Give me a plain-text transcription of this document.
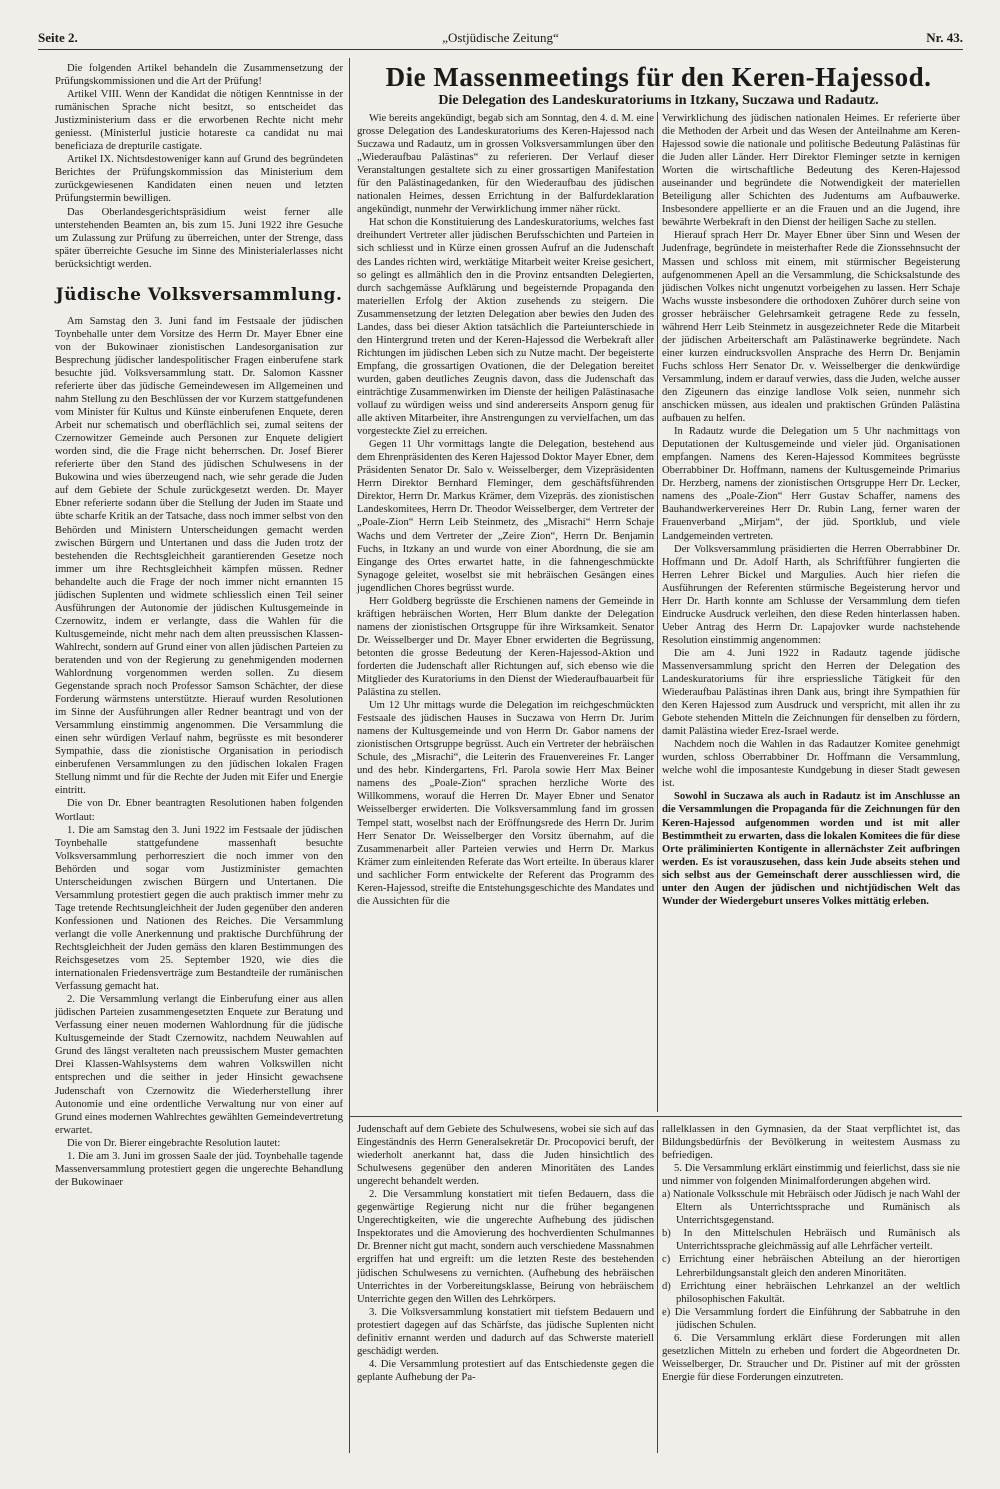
Seite 2.	„Ostjüdische Zeitung“	Nr. 43.

Die folgenden Artikel behandeln die Zusammensetzung der Prüfungskommissionen und die Art der Prüfung!

Artikel VIII. Wenn der Kandidat die nötigen Kenntnisse in der rumänischen Sprache nicht besitzt, so entscheidet das Justizministerium dass er die erworbenen Rechte nicht mehr geniesst. (Ministerlul justicie hotareste ca candidat nu mai beneficiaza de drepturile castigate.

Artikel IX. Nichtsdestoweniger kann auf Grund des begründeten Berichtes der Prüfungskommission das Ministerium dem zurückgewiesenen Kandidaten einen neuen und letzten Prüfungstermin bewilligen.

Das Oberlandesgerichtspräsidium weist ferner alle unterstehenden Beamten an, bis zum 15. Juni 1922 ihre Gesuche um Zulassung zur Prüfung zu überreichen, unter der Strenge, dass später überreichte Gesuche im Sinne des Ministerialerlasses nicht berücksichtigt werden.

Jüdische Volksversammlung.

Am Samstag den 3. Juni fand im Festsaale der jüdischen Toynbehalle unter dem Vorsitze des Herrn Dr. Mayer Ebner eine von der Bukowinaer zionistischen Landesorganisation zur Besprechung jüdischer landespolitischer Fragen einberufene stark besuchte jüd. Volksversammlung statt. Dr. Salomon Kassner referierte über das jüdische Gemeindewesen im Allgemeinen und nahm Stellung zu den Beschlüssen der vor Kurzem stattgefundenen vom Minister für Kultus und Künste einberufenen Enquete, deren Arbeit nur schematisch und oberflächlich sei, zumal seitens der Czernowitzer Gemeinde auch Personen zur Enquete deligiert worden sind, die die Frage nicht beherrschen. Dr. Josef Bierer referierte über den Stand des jüdischen Schulwesens in der Bukowina und wies überzeugend nach, wie sehr gerade die Juden auf dem Gebiete der Schule zurückgesetzt werden. Dr. Mayer Ebner referierte sodann über die Stellung der Juden im Staate und übte scharfe Kritik an der Tatsache, dass noch immer selbst von den Behörden und Ministern Unterscheidungen gemacht werden zwischen Bürgern und Untertanen und dass die Juden trotz der bestehenden die Rechtsgleichheit garantierenden Gesetze noch immer um ihre Rechtsgleichheit kämpfen müssen. Redner behandelte auch die Frage der noch immer nicht ernannten 15 jüdischen Suplenten und widmete schliesslich einen Teil seiner Ausführungen der Autonomie der jüdischen Kultusgemeinde in Czernowitz, indem er verlangte, dass die Wahlen für die Kultusgemeinde, nicht mehr nach dem alten preussischen Klassen-Wahlrecht, sondern auf Grund einer von allen jüdischen Parteien zu beratenden und von der Regierung zu genehmigenden modernen Wahlordnung vorgenommen werden sollen. Zu diesem Gegenstande sprach noch Professor Samson Schächter, der diese Forderung wärmstens unterstützte. Hierauf wurden Resolutionen im Sinne der Ausführungen aller Redner beantragt und von der Versammlung einstimmig angenommen. Die Versammlung die einen sehr würdigen Verlauf nahm, begrüsste es mit besonderer Sympathie, dass die zionistische Organisation in periodisch einberufenen Versammlungen zu den jüdischen lokalen Fragen Stellung nimmt und für die Rechte der Juden mit Eifer und Energie eintritt.

Die von Dr. Ebner beantragten Resolutionen haben folgenden Wortlaut:

1. Die am Samstag den 3. Juni 1922 im Festsaale der jüdischen Toynbehalle stattgefundene massenhaft besuchte Volksversammlung perhorresziert die noch immer von den Behörden und sogar vom Justizminister gemachten Unterscheidungen zwischen Bürgern und Untertanen. Die Versammlung protestiert gegen die auch praktisch immer mehr zu Tage tretende Rechtsungleichheit der Juden gegenüber den anderen Konfessionen und Nationen des Reiches. Die Versammlung verlangt die volle Anerkennung und praktische Durchführung der Rechtsgleichheit der Juden gemäss den klaren Bestimmungen des Reichsgesetzes vom 25. September 1920, wie dies die internationalen Friedensverträge zum Bestandteile der rumänischen Verfassung gemacht hat.

2. Die Versammlung verlangt die Einberufung einer aus allen jüdischen Parteien zusammengesetzten Enquete zur Beratung und Verfassung einer neuen modernen Wahlordnung für die jüdische Kultusgemeinde der Stadt Czernowitz, nachdem Neuwahlen auf Grund des längst veralteten nach preussischem Muster gemachten Drei Klassen-Wahlsystems dem wahren Volkswillen nicht entsprechen und die seither in jeder Hinsicht gewachsene Judenschaft von Czernowitz die Wiederherstellung ihrer Autonomie und eine ordentliche Verwaltung nur von einer auf Grund eines modernen Wahlrechtes gewählten Gemeindevertretung erwartet.

Die von Dr. Bierer eingebrachte Resolution lautet:

1. Die am 3. Juni im grossen Saale der jüd. Toynbehalle tagende Massenversammlung protestiert gegen die ungerechte Behandlung der Bukowinaer

Die Massenmeetings für den Keren-Hajessod.
Die Delegation des Landeskuratoriums in Itzkany, Suczawa und Radautz.

Wie bereits angekündigt, begab sich am Sonntag, den 4. d. M. eine grosse Delegation des Landeskuratoriums des Keren-Hajessod nach Suczawa und Radautz, um in grossen Volksversammlungen über den „Wiederaufbau Palästinas“ zu referieren. Der Verlauf dieser Veranstaltungen gestaltete sich zu einer grossartigen Manifestation für den Palästinagedanken, für den Wiederaufbau des jüdischen nationalen Heimes, dessen Errichtung in der Balfurdeklaration angekündigt, nunmehr der Verwirklichung immer näher rückt.

Hat schon die Konstituierung des Landeskuratoriums, welches fast dreihundert Vertreter aller jüdischen Berufsschichten und Parteien in sich schliesst und in Kürze einen grossen Aufruf an die Judenschaft des Landes richten wird, werktätige Mitarbeit weiter Kreise gesichert, so gelingt es allmählich den in die Provinz entsandten Delegierten, durch sachgemässe Aufklärung und begeisternde Propaganda den materiellen Erfolg der Aktion zusehends zu steigern. Die Zusammensetzung der letzten Delegation aber bewies den Juden des Landes, dass bei dieser Aktion tatsächlich die Parteiunterschiede in den Hintergrund treten und der Keren-Hajessod die Werbekraft aller Richtungen im jüdischen Leben sich zu Nutze macht. Der begeisterte Empfang, die grossartigen Ovationen, die der Delegation bereitet wurden, gaben deutliches Zeugnis davon, dass die Judenschaft das einträchtige Zusammenwirken im Dienste der heiligen Palästinasache vollauf zu würdigen weiss und sind andererseits Ansporn genug für alle aktiven Mitarbeiter, ihre Anstrengungen zu vervielfachen, um das vorgesteckte Ziel zu erreichen.

Gegen 11 Uhr vormittags langte die Delegation, bestehend aus dem Ehrenpräsidenten des Keren Hajessod Doktor Mayer Ebner, dem Präsidenten Senator Dr. Salo v. Weisselberger, dem Vizepräsidenten Herrn Direktor Bernhard Fleminger, dem geschäftsführenden Direktor, Herrn Dr. Markus Krämer, dem Vizepräs. des zionistischen Landeskomitees, Herrn Dr. Theodor Weisselberger, dem Vertreter der „Poale-Zion“ Herrn Leib Steinmetz, des „Misrachi“ Herrn Schaje Wachs und dem Vertreter der „Zeire Zion“, Herrn Dr. Benjamin Fuchs, in Itzkany an und wurde von einer Abordnung, die sie am Eingange des Ortes erwartet hatte, in die fahnengeschmückte Synagoge geleitet, woselbst sie mit hebräischen Gesängen eines jugendlichen Chores begrüsst wurde.

Herr Goldberg begrüsste die Erschienen namens der Gemeinde in kräftigen hebräischen Worten, Herr Blum dankte der Delegation namens der zionistischen Ortsgruppe für ihre Wirksamkeit. Senator Dr. Weisselberger und Dr. Mayer Ebner erwiderten die Begrüssung, betonten die grosse Bedeutung der Keren-Hajessod-Aktion und forderten die Judenschaft aller Richtungen auf, sich ebenso wie die Mitglieder des Kuratoriums in den Dienst der Wiederaufbauarbeit für Palästina zu stellen.

Um 12 Uhr mittags wurde die Delegation im reichgeschmückten Festsaale des jüdischen Hauses in Suczawa von Herrn Dr. Jurim namens der Kultusgemeinde und von Herrn Dr. Gabor namens der zionistischen Ortsgruppe begrüsst. Auch ein Vertreter der hebräischen Schule, des „Misrachi“, die Leiterin des Frauenvereines Fr. Langer und des hebr. Kindergartens, Frl. Parola sowie Herr Max Beiner namens des „Poale-Zion“ sprachen herzliche Worte des Willkommens, worauf die Herren Dr. Mayer Ebner und Senator Weisselberger erwiderten. Die Volksversammlung fand im grossen Tempel statt, woselbst nach der Eröffnungsrede des Herrn Dr. Jurim Herr Senator Dr. Weisselberger den Vorsitz übernahm, auf die Zusammenarbeit aller Parteien verwies und Herrn Dr. Markus Krämer zum einleitenden Referate das Wort erteilte. In überaus klarer und sachlicher Form entwickelte der Referent das Programm des Keren-Hajessod, streifte die Entstehungsgeschichte des Mandates und die Aussichten für die

Verwirklichung des jüdischen nationalen Heimes. Er referierte über die Methoden der Arbeit und das Wesen der Anteilnahme am Keren-Hajessod sowie die nationale und politische Bedeutung Palästinas für die Juden aller Länder. Herr Direktor Fleminger setzte in kernigen Worten die wirtschaftliche Bedeutung des Keren-Hajessod auseinander und begründete die Notwendigkeit der materiellen Beteiligung aller Schichten des Judentums am Aufbauwerke. Insbesondere appellierte er an die Frauen und an die Jugend, ihre bewährte Werbekraft in den Dienst der heiligen Sache zu stellen.

Hierauf sprach Herr Dr. Mayer Ebner über Sinn und Wesen der Judenfrage, begründete in meisterhafter Rede die Zionssehnsucht der Massen und schloss mit einem, mit stürmischer Begeisterung aufgenommenen Apell an die Versammlung, die Schicksalstunde des jüdischen Volkes nicht ungenutzt vorbeigehen zu lassen. Herr Schaje Wachs wusste insbesondere die orthodoxen Zuhörer durch seine von grosser hebräischer Gelehrsamkeit getragene Rede zu fesseln, während Herr Leib Steinmetz in ausgezeichneter Rede die Mitarbeit der jüdischen Arbeiterschaft am Palästinawerke begründete. Nach einer kurzen eindrucksvollen Ansprache des Herrn Dr. Benjamin Fuchs schloss Herr Senator Dr. v. Weisselberger die denkwürdige Versammlung, indem er darauf verwies, dass die Juden, welche ausser den Zigeunern das einzige landlose Volk seien, nunmehr sich anschicken müssen, aus idealen und praktischen Gründen Palästina aufbauen zu helfen.

In Radautz wurde die Delegation um 5 Uhr nachmittags von Deputationen der Kultusgemeinde und vieler jüd. Organisationen empfangen. Namens des Keren-Hajessod Kommitees begrüsste Oberrabbiner Dr. Hoffmann, namens der Kultusgemeinde Primarius Dr. Herzberg, namens der zionistischen Ortsgruppe Herr Dr. Lecker, namens des „Poale-Zion“ Herr Gustav Schaffer, namens des Bauhandwerkervereines Herr Dr. Rubin Lang, ferner waren der Frauenverband „Mirjam“, der jüd. Sportklub, und viele Landgemeinden vertreten.

Der Volksversammlung präsidierten die Herren Oberrabbiner Dr. Hoffmann und Dr. Adolf Harth, als Schriftführer fungierten die Herren Lehrer Bickel und Margulies. Auch hier riefen die Ausführungen der Referenten stürmische Begeisterung hervor und Herr Dr. Harth konnte am Schlusse der Versammlung dem tiefen Eindrucke Ausdruck verleihen, den diese Reden hinterlassen haben. Ueber Antrag des Herrn Dr. Lapajovker wurde nachstehende Resolution einstimmig angenommen:

Die am 4. Juni 1922 in Radautz tagende jüdische Massenversammlung spricht den Herren der Delegation des Landeskuratoriums für ihre erspriessliche Tätigkeit für den Wiederaufbau Palästinas ihren Dank aus, bringt ihre Sympathien für den Keren Hajessod zum Ausdruck und verspricht, mit allen ihr zu Gebote stehenden Mitteln die Zeichnungen für denselben zu fördern, damit Palästina wieder Erez-Israel werde.

Nachdem noch die Wahlen in das Radautzer Komitee genehmigt wurden, schloss Oberrabbiner Dr. Hoffmann die Versammlung, welche wohl die imposanteste Kundgebung in dieser Stadt gewesen ist.

Sowohl in Suczawa als auch in Radautz ist im Anschlusse an die Versammlungen die Propaganda für die Zeichnungen für den Keren-Hajessod aufgenommen worden und ist mit aller Bestimmtheit zu erwarten, dass die lokalen Komitees die für diese Orte präliminierten Kontigente in allernächster Zeit aufbringen werden. Es ist vorauszusehen, dass kein Jude abseits stehen und sich selbst aus der Gemeinschaft derer ausschliessen wird, die unter den Augen der jüdischen und nichtjüdischen Welt das Wunder der Wiedergeburt unseres Volkes mittätig erleben.

Judenschaft auf dem Gebiete des Schulwesens, wobei sie sich auf das Eingeständnis des Herrn Generalsekretär Dr. Procopovici beruft, der wiederholt anerkannt hat, dass die Juden hinsichtlich des Schulwesens gegenüber den anderen Minoritäten des Landes ungerecht behandelt werden.

2. Die Versammlung konstatiert mit tiefen Bedauern, dass die gegenwärtige Regierung nicht nur die früher begangenen Ungerechtigkeiten, wie die ungerechte Aufhebung des jüdischen Inspektorates und die Amovierung des hochverdienten Schulmannes Dr. Brenner nicht gut macht, sondern auch verschiedene Massnahmen ergriffen hat und ergreift: um die letzten Reste des bestehenden jüdischen Schulwesens zu vernichten. (Aufhebung des hebräischen Unterrichtes in der Vorbereitungsklasse, Beirung von hebräischem Unterrichte gegen den Willen des Lehrkörpers.

3. Die Volksversammlung konstatiert mit tiefstem Bedauern und protestiert dagegen auf das Schärfste, das jüdische Suplenten nicht definitiv ernannt werden und dadurch auf das Schwerste materiell geschädigt werden.

4. Die Versammlung protestiert auf das Entschiedenste gegen die geplante Aufhebung der Pa-

rallelklassen in den Gymnasien, da der Staat verpflichtet ist, das Bildungsbedürfnis der Bevölkerung in weitestem Ausmass zu befriedigen.

5. Die Versammlung erklärt einstimmig und feierlichst, dass sie nie und nimmer von folgenden Minimalforderungen abgehen wird.

a) Nationale Volksschule mit Hebräisch oder Jüdisch je nach Wahl der Eltern als Unterrichtssprache und Rumänisch als Unterrichtsgegenstand.

b) In den Mittelschulen Hebräisch und Rumänisch als Unterrichtssprache gleichmässig auf alle Lehrfächer verteilt.

c) Errichtung einer hebräischen Abteilung an der hierortigen Lehrerbildungsanstalt gleich den anderen Minoritäten.

d) Errichtung einer hebräischen Lehrkanzel an der weltlich philosophischen Fakultät.

e) Die Versammlung fordert die Einführung der Sabbatruhe in den jüdischen Schulen.

6. Die Versammlung erklärt diese Forderungen mit allen gesetzlichen Mitteln zu erheben und fordert die Abgeordneten Dr. Weisselberger, Dr. Straucher und Dr. Pistiner auf mit der grössten Energie für diese Forderungen einzutreten.
